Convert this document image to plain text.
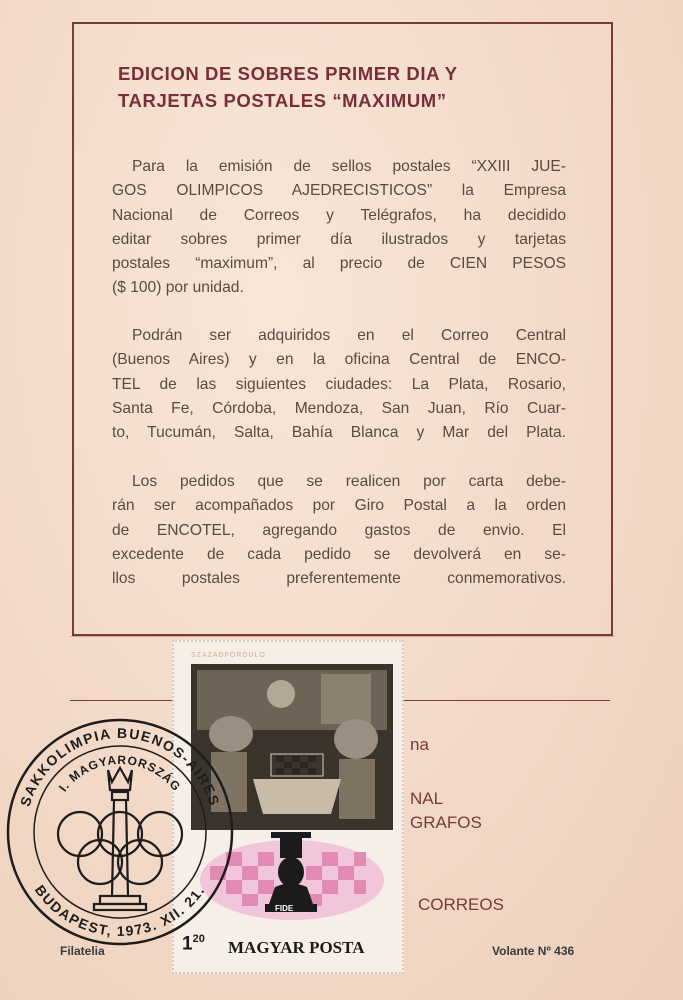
EDICION DE SOBRES PRIMER DIA Y
TARJETAS POSTALES “MAXIMUM”
Para la emisión de sellos postales “XXIII JUE-
GOS OLIMPICOS AJEDRECISTICOS” la Empresa
Nacional de Correos y Telégrafos, ha decidido
editar sobres primer día ilustrados y tarjetas
postales “maximum”, al precio de CIEN PESOS
($ 100) por unidad.
Podrán ser adquiridos en el Correo Central
(Buenos Aires) y en la oficina Central de ENCO-
TEL de las siguientes ciudades: La Plata, Rosario,
Santa Fe, Córdoba, Mendoza, San Juan, Río Cuar-
to, Tucumán, Salta, Bahía Blanca y Mar del Plata.
Los pedidos que se realicen por carta debe-
rán ser acompañados por Giro Postal a la orden
de ENCOTEL, agregando gastos de envio. El
excedente de cada pedido se devolverá en se-
llos postales preferentemente conmemorativos.
na
NAL
GRAFOS
CORREOS
Filatelia	Volante Nº 436
SZÁZADFORDULÓ
FIDE
$1^{20}$ MAGYAR POSTA
SAKKOLIMPIA BUENOS-AIRES
I. MAGYARORSZÁG
BUDAPEST, 1973. XII. 21.
